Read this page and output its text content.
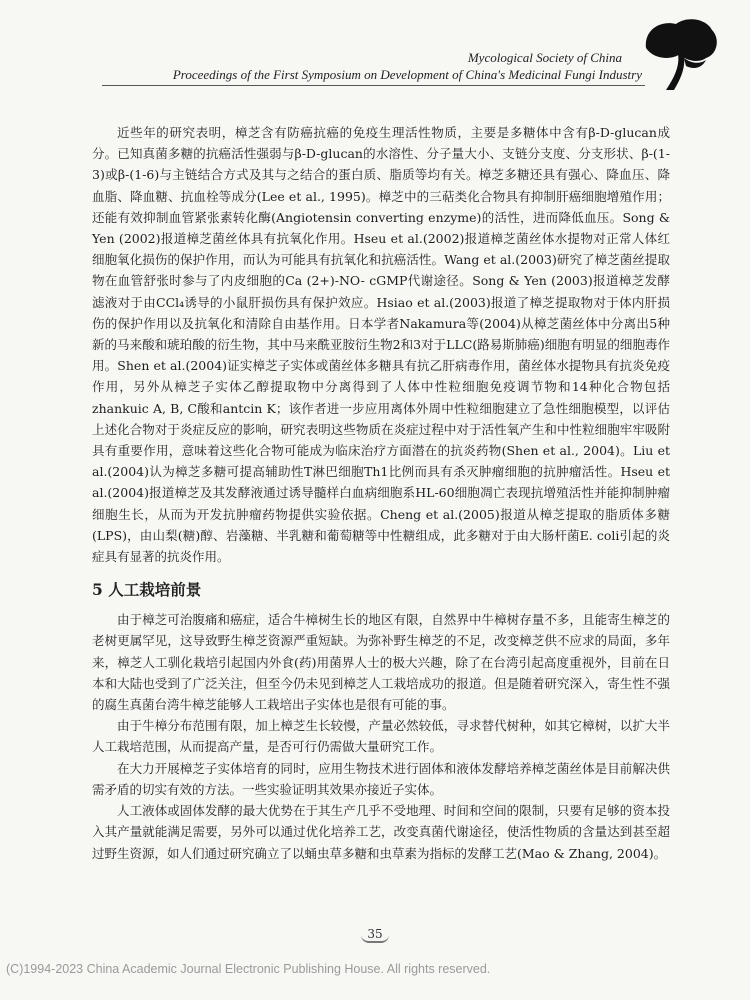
Mycological Society of China
Proceedings of the First Symposium on Development of China's Medicinal Fungi Industry

近些年的研究表明，樟芝含有防癌抗癌的免疫生理活性物质，主要是多糖体中含有β-D-glucan成分。已知真菌多糖的抗癌活性强弱与β-D-glucan的水溶性、分子量大小、支链分支度、分支形状、β-(1-3)或β-(1-6)与主链结合方式及其与之结合的蛋白质、脂质等均有关。樟芝多糖还具有强心、降血压、降血脂、降血糖、抗血栓等成分(Lee et al., 1995)。樟芝中的三萜类化合物具有抑制肝癌细胞增殖作用；还能有效抑制血管紧张素转化酶(Angiotensin converting enzyme)的活性，进而降低血压。Song & Yen (2002)报道樟芝菌丝体具有抗氧化作用。Hseu et al.(2002)报道樟芝菌丝体水提物对正常人体红细胞氧化损伤的保护作用，而认为可能具有抗氧化和抗癌活性。Wang et al.(2003)研究了樟芝菌丝提取物在血管舒张时参与了内皮细胞的Ca (2+)-NO- cGMP代谢途径。Song & Yen (2003)报道樟芝发酵滤液对于由CCl₄诱导的小鼠肝损伤具有保护效应。Hsiao et al.(2003)报道了樟芝提取物对于体内肝损伤的保护作用以及抗氧化和清除自由基作用。日本学者Nakamura等(2004)从樟芝菌丝体中分离出5种新的马来酸和琥珀酸的衍生物，其中马来酰亚胺衍生物2和3对于LLC(路易斯肺癌)细胞有明显的细胞毒作用。Shen et al.(2004)证实樟芝子实体或菌丝体多糖具有抗乙肝病毒作用，菌丝体水提物具有抗炎免疫作用，另外从樟芝子实体乙醇提取物中分离得到了人体中性粒细胞免疫调节物和14种化合物包括zhankuic A, B, C酸和antcin K；该作者进一步应用离体外周中性粒细胞建立了急性细胞模型，以评估上述化合物对于炎症反应的影响，研究表明这些物质在炎症过程中对于活性氧产生和中性粒细胞牢牢吸附具有重要作用，意味着这些化合物可能成为临床治疗方面潜在的抗炎药物(Shen et al., 2004)。Liu et al.(2004)认为樟芝多糖可提高辅助性T淋巴细胞Th1比例而具有杀灭肿瘤细胞的抗肿瘤活性。Hseu et al.(2004)报道樟芝及其发酵液通过诱导髓样白血病细胞系HL-60细胞凋亡表现抗增殖活性并能抑制肿瘤细胞生长，从而为开发抗肿瘤药物提供实验依据。Cheng et al.(2005)报道从樟芝提取的脂质体多糖(LPS)，由山梨(糖)醇、岩藻糖、半乳糖和葡萄糖等中性糖组成，此多糖对于由大肠杆菌E. coli引起的炎症具有显著的抗炎作用。

5 人工栽培前景

由于樟芝可治腹痛和癌症，适合牛樟树生长的地区有限，自然界中牛樟树存量不多，且能寄生樟芝的老树更属罕见，这导致野生樟芝资源严重短缺。为弥补野生樟芝的不足，改变樟芝供不应求的局面，多年来，樟芝人工驯化栽培引起国内外食(药)用菌界人士的极大兴趣，除了在台湾引起高度重视外，目前在日本和大陆也受到了广泛关注，但至今仍未见到樟芝人工栽培成功的报道。但是随着研究深入，寄生性不强的腐生真菌台湾牛樟芝能够人工栽培出子实体也是很有可能的事。

由于牛樟分布范围有限，加上樟芝生长较慢，产量必然较低，寻求替代树种，如其它樟树，以扩大半人工栽培范围，从而提高产量，是否可行仍需做大量研究工作。

在大力开展樟芝子实体培育的同时，应用生物技术进行固体和液体发酵培养樟芝菌丝体是目前解决供需矛盾的切实有效的方法。一些实验证明其效果亦接近子实体。

人工液体或固体发酵的最大优势在于其生产几乎不受地理、时间和空间的限制，只要有足够的资本投入其产量就能满足需要，另外可以通过优化培养工艺，改变真菌代谢途径，使活性物质的含量达到甚至超过野生资源，如人们通过研究确立了以蛹虫草多糖和虫草素为指标的发酵工艺(Mao & Zhang, 2004)。

35
(C)1994-2023 China Academic Journal Electronic Publishing House. All rights reserved.
